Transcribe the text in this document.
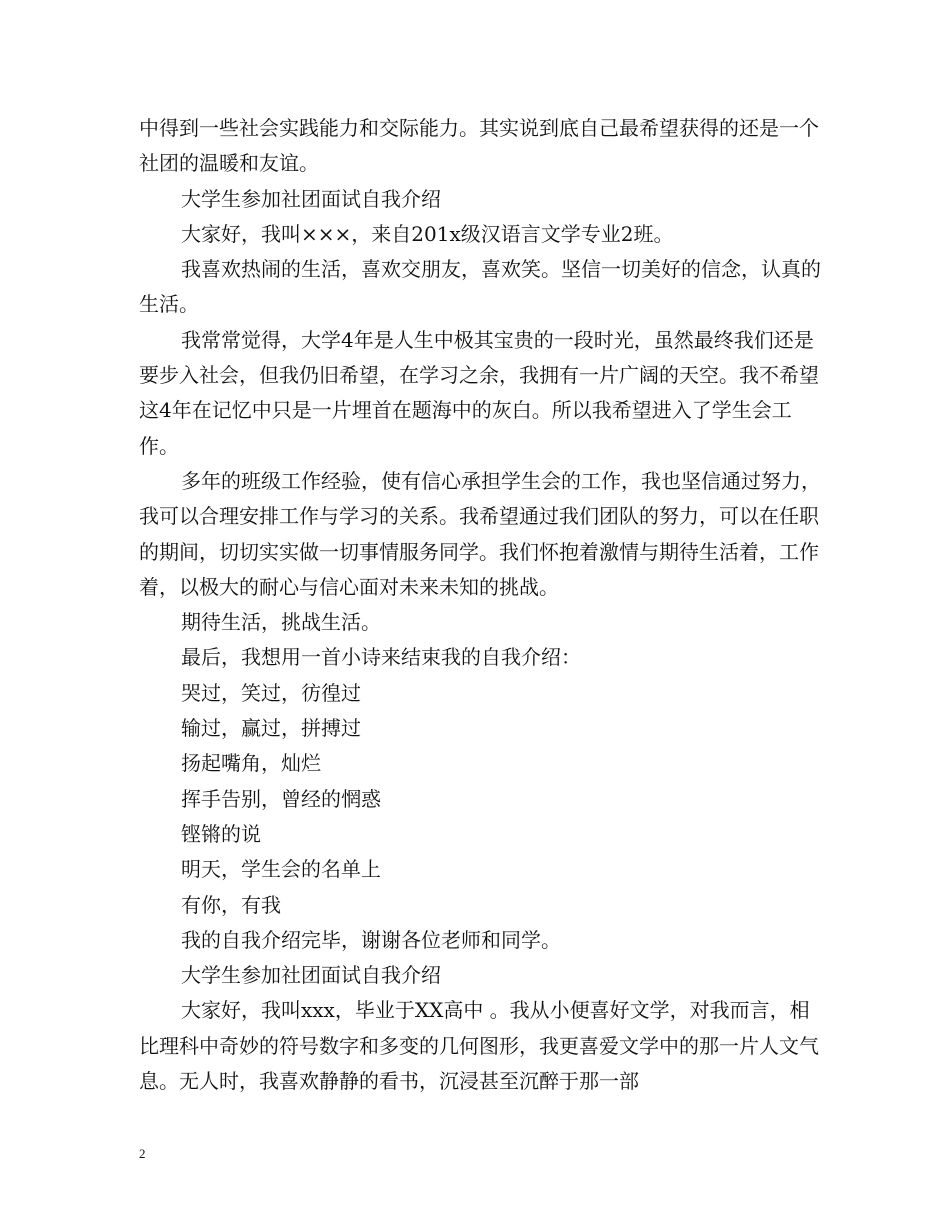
中得到一些社会实践能力和交际能力。其实说到底自己最希望获得的还是一个社团的温暖和友谊。

大学生参加社团面试自我介绍

大家好，我叫×××，来自201x级汉语言文学专业2班。

我喜欢热闹的生活，喜欢交朋友，喜欢笑。坚信一切美好的信念，认真的生活。

我常常觉得，大学4年是人生中极其宝贵的一段时光，虽然最终我们还是要步入社会，但我仍旧希望，在学习之余，我拥有一片广阔的天空。我不希望这4年在记忆中只是一片埋首在题海中的灰白。所以我希望进入了学生会工作。

多年的班级工作经验，使有信心承担学生会的工作，我也坚信通过努力，我可以合理安排工作与学习的关系。我希望通过我们团队的努力，可以在任职的期间，切切实实做一切事情服务同学。我们怀抱着激情与期待生活着，工作着，以极大的耐心与信心面对未来未知的挑战。

期待生活，挑战生活。

最后，我想用一首小诗来结束我的自我介绍：

哭过，笑过，彷徨过

输过，赢过，拼搏过

扬起嘴角，灿烂

挥手告别，曾经的惘惑

铿锵的说

明天，学生会的名单上

有你，有我

我的自我介绍完毕，谢谢各位老师和同学。

大学生参加社团面试自我介绍

大家好，我叫xxx，毕业于XX高中 。我从小便喜好文学，对我而言，相比理科中奇妙的符号数字和多变的几何图形，我更喜爱文学中的那一片人文气息。无人时，我喜欢静静的看书，沉浸甚至沉醉于那一部

2
